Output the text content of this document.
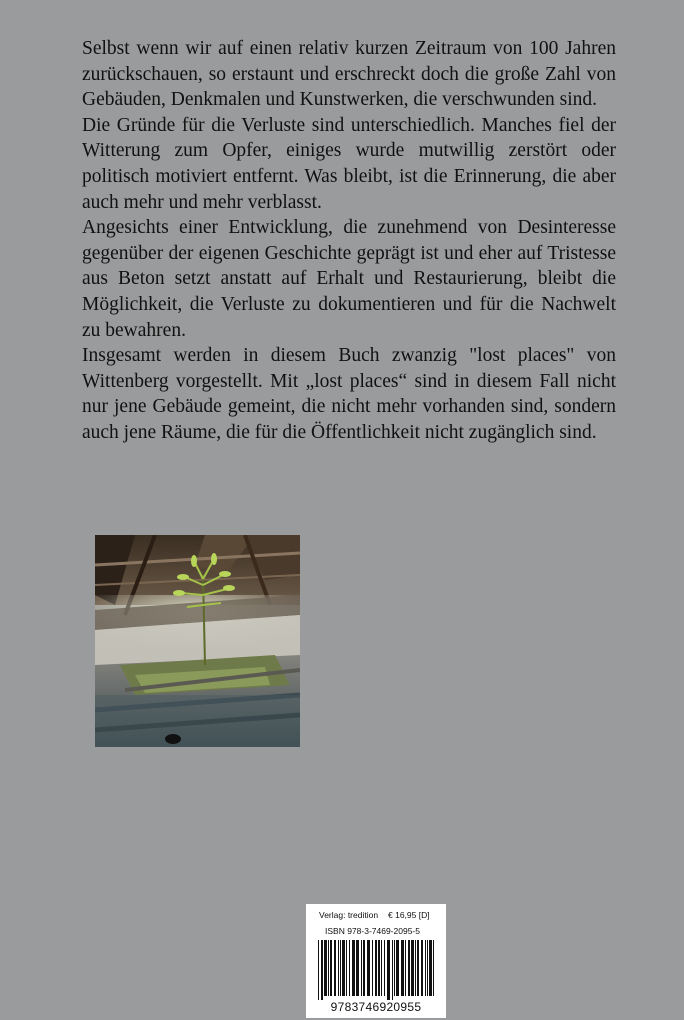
Selbst wenn wir auf einen relativ kurzen Zeitraum von 100 Jahren zurückschauen, so erstaunt und erschreckt doch die große Zahl von Gebäuden, Denkmalen und Kunstwerken, die verschwunden sind.

Die Gründe für die Verluste sind unterschiedlich. Manches fiel der Witterung zum Opfer, einiges wurde mutwillig zerstört oder politisch motiviert entfernt. Was bleibt, ist die Erinnerung, die aber auch mehr und mehr verblasst.

Angesichts einer Entwicklung, die zunehmend von Desinteresse gegenüber der eigenen Geschichte geprägt ist und eher auf Tristesse aus Beton setzt anstatt auf Erhalt und Restaurierung, bleibt die Möglichkeit, die Verluste zu dokumentieren und für die Nachwelt zu bewahren.

Insgesamt werden in diesem Buch zwanzig "lost places" von Wittenberg vorgestellt. Mit „lost places“ sind in diesem Fall nicht nur jene Gebäude gemeint, die nicht mehr vorhanden sind, sondern auch jene Räume, die für die Öffentlichkeit nicht zugänglich sind.

Verlag: tredition € 16,95 [D]
ISBN 978-3-7469-2095-5
9783746920955
